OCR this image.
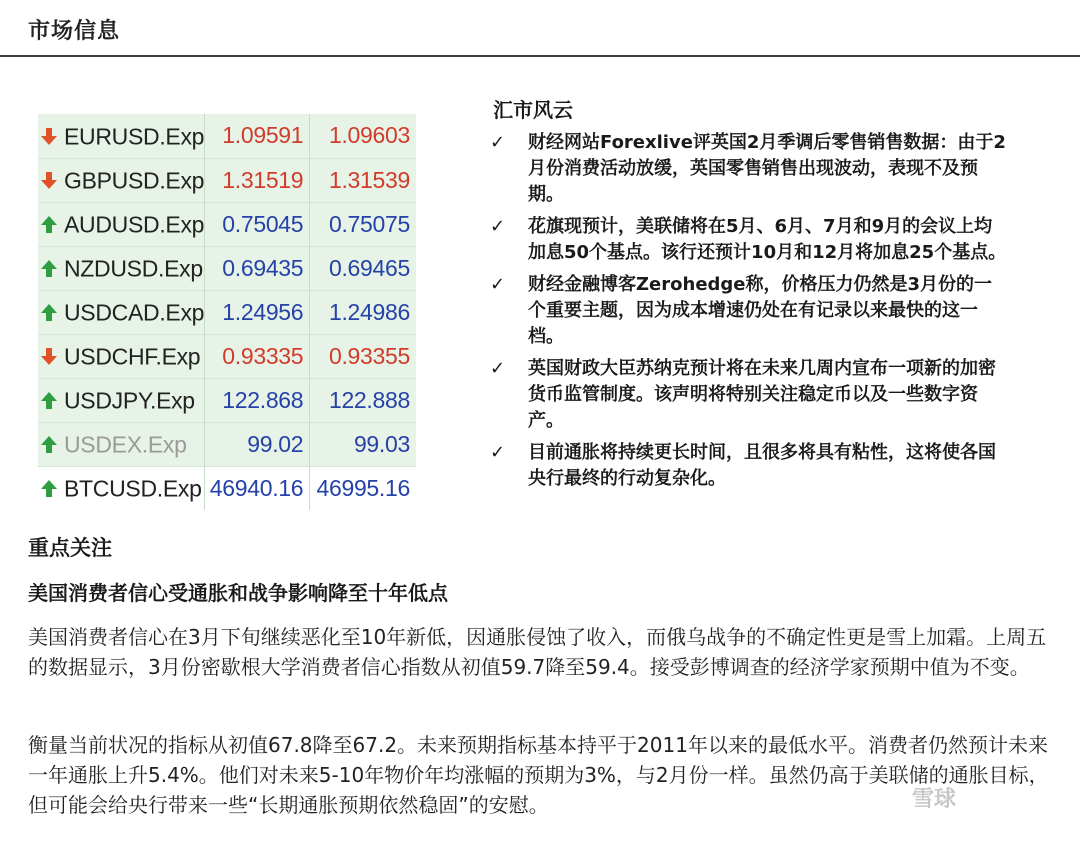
市场信息
EURUSD.Exp	1.09591	1.09603
GBPUSD.Exp	1.31519	1.31539
AUDUSD.Exp	0.75045	0.75075
NZDUSD.Exp	0.69435	0.69465
USDCAD.Exp	1.24956	1.24986
USDCHF.Exp	0.93335	0.93355
USDJPY.Exp	122.868	122.888
USDEX.Exp	99.02	99.03
BTCUSD.Exp	46940.16	46995.16
汇市风云
✓ 财经网站Forexlive评英国2月季调后零售销售数据：由于2月份消费活动放缓，英国零售销售出现波动，表现不及预期。
✓ 花旗现预计，美联储将在5月、6月、7月和9月的会议上均加息50个基点。该行还预计10月和12月将加息25个基点。
✓ 财经金融博客Zerohedge称，价格压力仍然是3月份的一个重要主题，因为成本增速仍处在有记录以来最快的这一档。
✓ 英国财政大臣苏纳克预计将在未来几周内宣布一项新的加密货币监管制度。该声明将特别关注稳定币以及一些数字资产。
✓ 目前通胀将持续更长时间，且很多将具有粘性，这将使各国央行最终的行动复杂化。
重点关注
美国消费者信心受通胀和战争影响降至十年低点
美国消费者信心在3月下旬继续恶化至10年新低，因通胀侵蚀了收入，而俄乌战争的不确定性更是雪上加霜。上周五的数据显示，3月份密歇根大学消费者信心指数从初值59.7降至59.4。接受彭博调查的经济学家预期中值为不变。
衡量当前状况的指标从初值67.8降至67.2。未来预期指标基本持平于2011年以来的最低水平。消费者仍然预计未来一年通胀上升5.4%。他们对未来5-10年物价年均涨幅的预期为3%，与2月份一样。虽然仍高于美联储的通胀目标，但可能会给央行带来一些“长期通胀预期依然稳固”的安慰。	雪球
